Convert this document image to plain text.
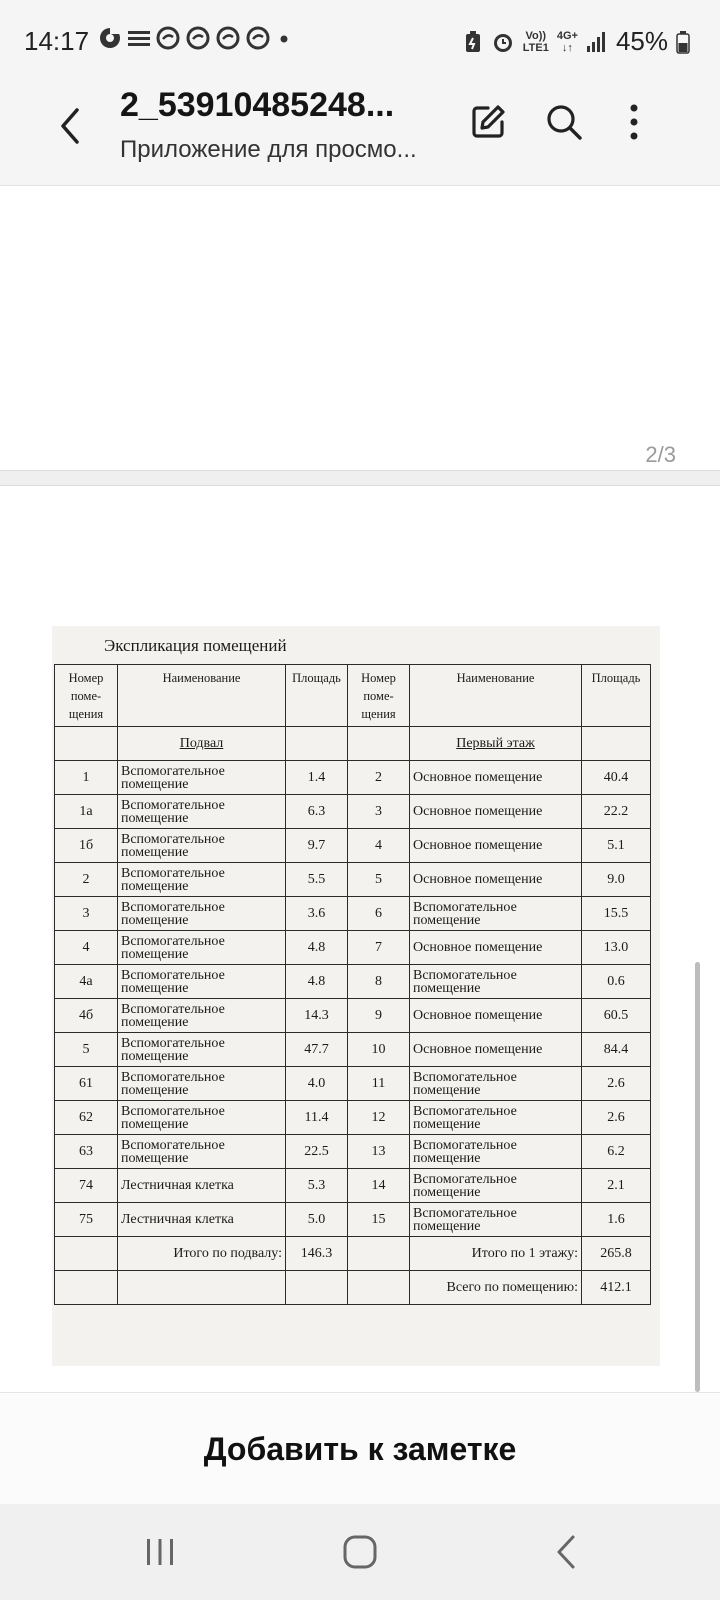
14:17	Vo))
LTE1
4G+
↓↑ 45%
2_53910485248...
Приложение для просмо...
2/3
Экспликация помещений
Номер поме- щения	Наименование	Площадь	Номер поме- щения	Наименование	Площадь
	Подвал			Первый этаж	
1	Вспомогательное помещение	1.4	2	Основное помещение	40.4
1а	Вспомогательное помещение	6.3	3	Основное помещение	22.2
1б	Вспомогательное помещение	9.7	4	Основное помещение	5.1
2	Вспомогательное помещение	5.5	5	Основное помещение	9.0
3	Вспомогательное помещение	3.6	6	Вспомогательное помещение	15.5
4	Вспомогательное помещение	4.8	7	Основное помещение	13.0
4а	Вспомогательное помещение	4.8	8	Вспомогательное помещение	0.6
4б	Вспомогательное помещение	14.3	9	Основное помещение	60.5
5	Вспомогательное помещение	47.7	10	Основное помещение	84.4
61	Вспомогательное помещение	4.0	11	Вспомогательное помещение	2.6
62	Вспомогательное помещение	11.4	12	Вспомогательное помещение	2.6
63	Вспомогательное помещение	22.5	13	Вспомогательное помещение	6.2
74	Лестничная клетка	5.3	14	Вспомогательное помещение	2.1
75	Лестничная клетка	5.0	15	Вспомогательное помещение	1.6
	Итого по подвалу:	146.3		Итого по 1 этажу:	265.8
				Всего по помещению:	412.1
Добавить к заметке
